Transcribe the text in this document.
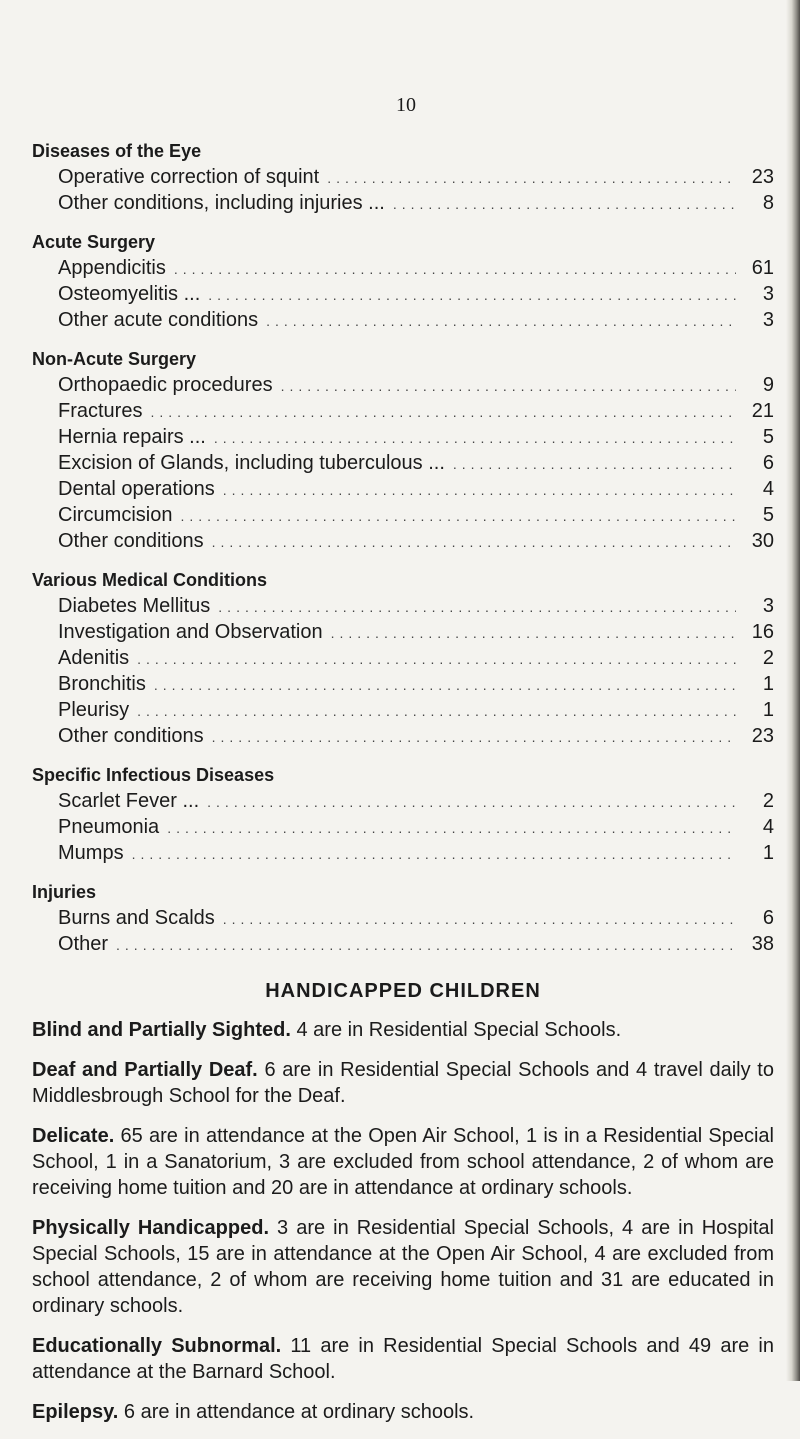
10
Diseases of the Eye
Operative correction of squint .....	23
Other conditions, including injuries ... .....	8
Acute Surgery
Appendicitis .....	61
Osteomyelitis ... .....	3
Other acute conditions .....	3
Non-Acute Surgery
Orthopaedic procedures .....	9
Fractures .....	21
Hernia repairs ... .....	5
Excision of Glands, including tuberculous ... .....	6
Dental operations .....	4
Circumcision .....	5
Other conditions .....	30
Various Medical Conditions
Diabetes Mellitus .....	3
Investigation and Observation .....	16
Adenitis .....	2
Bronchitis .....	1
Pleurisy .....	1
Other conditions .....	23
Specific Infectious Diseases
Scarlet Fever ... .....	2
Pneumonia .....	4
Mumps .....	1
Injuries
Burns and Scalds .....	6
Other .....	38
HANDICAPPED CHILDREN

Blind and Partially Sighted. 4 are in Residential Special Schools.

Deaf and Partially Deaf. 6 are in Residential Special Schools and 4 travel daily to Middlesbrough School for the Deaf.

Delicate. 65 are in attendance at the Open Air School, 1 is in a Residential Special School, 1 in a Sanatorium, 3 are excluded from school attendance, 2 of whom are receiving home tuition and 20 are in attendance at ordinary schools.

Physically Handicapped. 3 are in Residential Special Schools, 4 are in Hospital Special Schools, 15 are in attendance at the Open Air School, 4 are excluded from school attendance, 2 of whom are receiving home tuition and 31 are educated in ordinary schools.

Educationally Subnormal. 11 are in Residential Special Schools and 49 are in attendance at the Barnard School.

Epilepsy. 6 are in attendance at ordinary schools.
